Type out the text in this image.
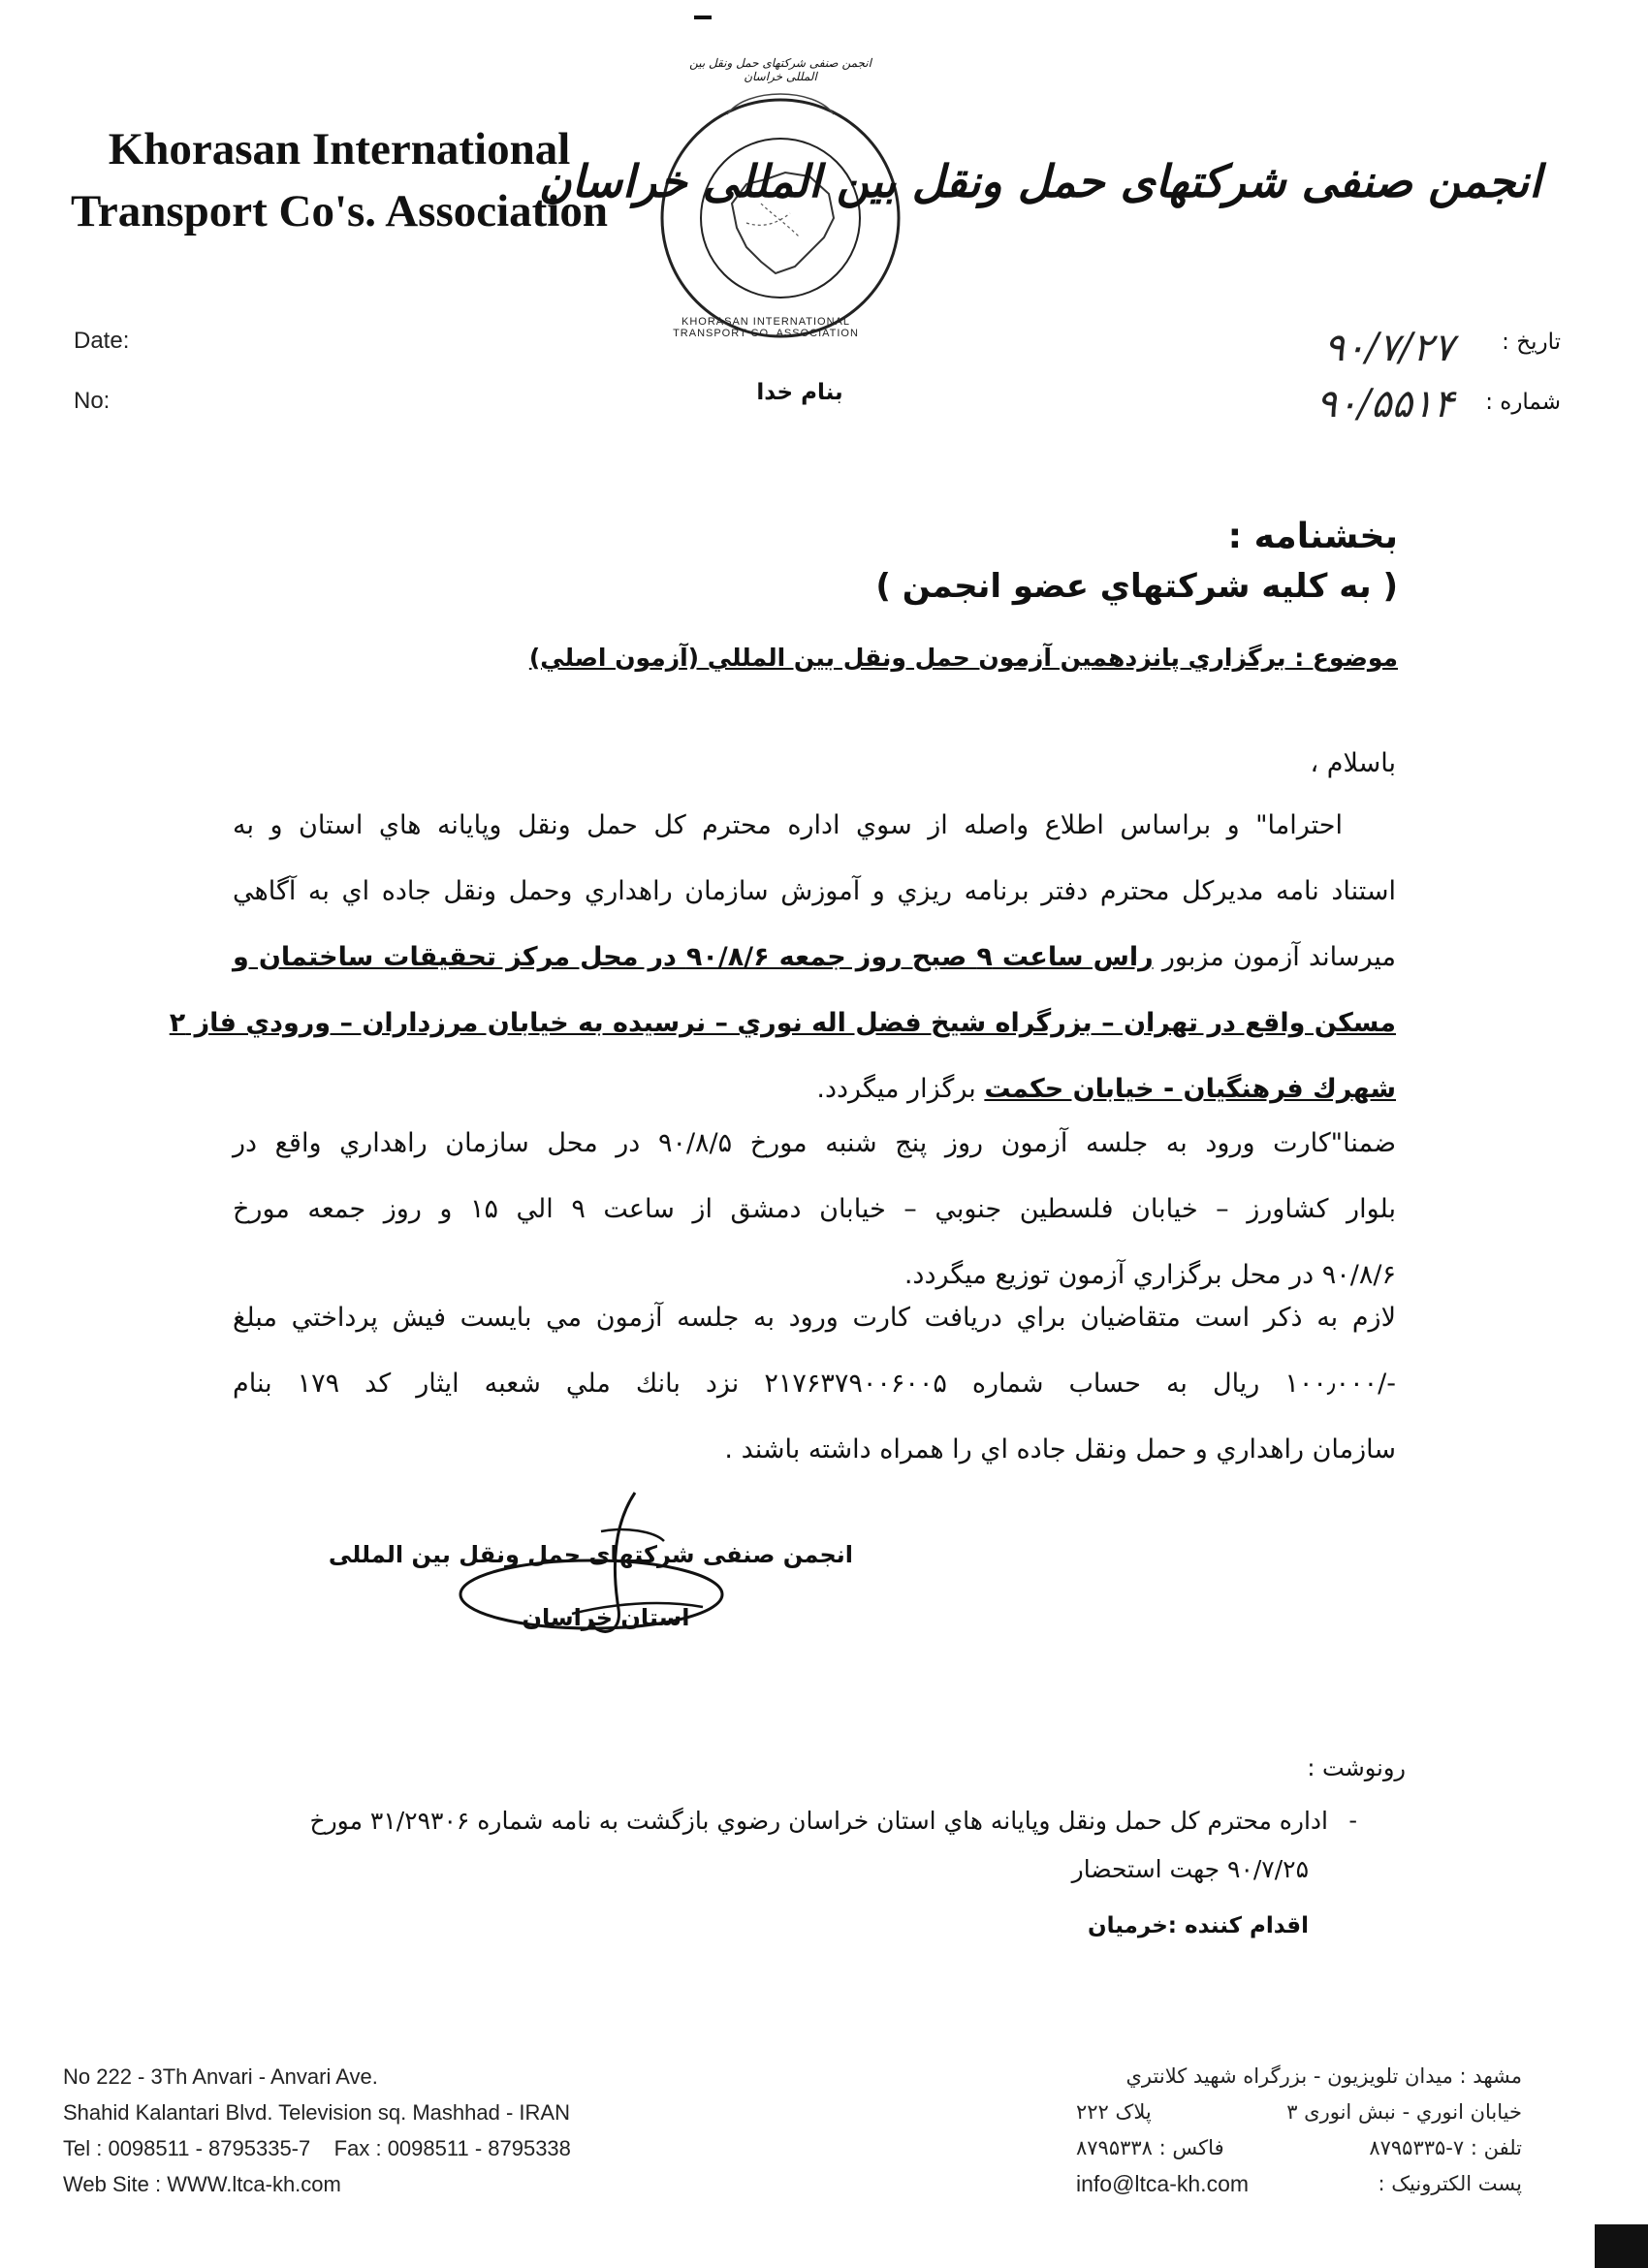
Khorasan International
Transport Co's. Association
انجمن صنفی شرکتهای حمل ونقل بین المللی خراسان
KHORASAN INTERNATIONAL TRANSPORT CO. ASSOCIATION
انجمن صنفی شرکتهای حمل ونقل بین المللی خراسان
Date:
No:	بنام خدا
تاريخ :
۹۰/۷/۲۷
شماره :
۹۰/۵۵۱۴
بخشنامه :
( به كليه شركتهاي عضو انجمن )
موضوع : برگزاري پانزدهمين آزمون حمل ونقل بين المللي (آزمون اصلي)
باسلام ،
احتراما" و براساس اطلاع واصله از سوي اداره محترم كل حمل ونقل وپايانه هاي استان و به
استناد نامه مديركل محترم دفتر برنامه ريزي و آموزش سازمان راهداري وحمل ونقل جاده اي به آگاهي
ميرساند آزمون مزبور راس ساعت ۹ صبح روز جمعه ۹۰/۸/۶ در محل مركز تحقيقات ساختمان و
مسكن واقع در تهران – بزرگراه شيخ فضل اله نوري – نرسيده به خيابان مرزداران – ورودي فاز ۲
شهرك فرهنگيان - خيابان حكمت برگزار ميگردد.
ضمنا"كارت ورود به جلسه آزمون روز پنج شنبه مورخ ۹۰/۸/۵ در محل سازمان راهداري واقع در
بلوار كشاورز – خيابان فلسطين جنوبي – خيابان دمشق از ساعت ۹ الي ۱۵ و روز جمعه مورخ
۹۰/۸/۶ در محل برگزاري آزمون توزيع ميگردد.
لازم به ذكر است متقاضيان براي دريافت كارت ورود به جلسه آزمون مي بايست فيش پرداختي مبلغ
-/۱۰۰٫۰۰۰ ريال به حساب شماره ۲۱۷۶۳۷۹۰۰۶۰۰۵ نزد بانك ملي شعبه ايثار كد ۱۷۹ بنام
سازمان راهداري و حمل ونقل جاده اي را همراه داشته باشند .
انجمن صنفی شرکتهای حمل ونقل بين المللی
استان خراسان
رونوشت :
-
اداره محترم كل حمل ونقل وپايانه هاي استان خراسان رضوي بازگشت به نامه شماره ۳۱/۲۹۳۰۶ مورخ
۹۰/۷/۲۵ جهت استحضار
اقدام كننده :خرميان
No 222 - 3Th Anvari - Anvari Ave.
Shahid Kalantari Blvd. Television sq. Mashhad - IRAN
Tel : 0098511 - 8795335-7    Fax : 0098511 - 8795338
Web Site : WWW.ltca-kh.com
مشهد : ميدان تلويزيون - بزرگراه شهيد كلانتري
خيابان انوري - نبش انوری ۳
پلاک ۲۲۲
تلفن : ۷-۸۷۹۵۳۳۵
فاکس : ۸۷۹۵۳۳۸
پست الکترونيک :
info@ltca-kh.com
